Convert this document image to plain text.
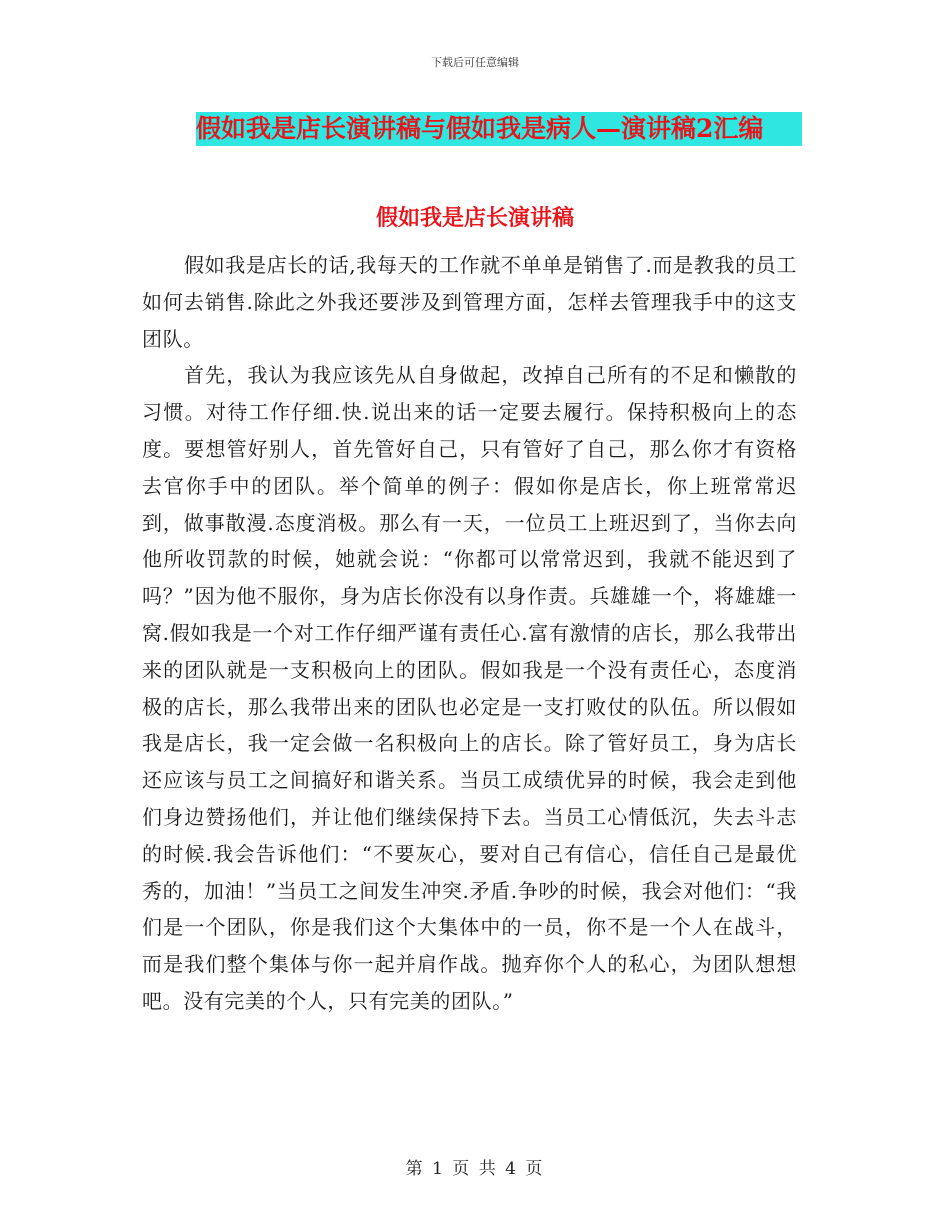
下载后可任意编辑
假如我是店长演讲稿与假如我是病人—演讲稿2汇编
假如我是店长演讲稿

假如我是店长的话,我每天的工作就不单单是销售了.而是教我的员工如何去销售.除此之外我还要涉及到管理方面，怎样去管理我手中的这支团队。

首先，我认为我应该先从自身做起，改掉自己所有的不足和懒散的习惯。对待工作仔细.快.说出来的话一定要去履行。保持积极向上的态度。要想管好别人，首先管好自己，只有管好了自己，那么你才有资格去官你手中的团队。举个简单的例子：假如你是店长，你上班常常迟到，做事散漫.态度消极。那么有一天，一位员工上班迟到了，当你去向他所收罚款的时候，她就会说：“你都可以常常迟到，我就不能迟到了吗？”因为他不服你，身为店长你没有以身作责。兵雄雄一个，将雄雄一窝.假如我是一个对工作仔细严谨有责任心.富有激情的店长，那么我带出来的团队就是一支积极向上的团队。假如我是一个没有责任心，态度消极的店长，那么我带出来的团队也必定是一支打败仗的队伍。所以假如我是店长，我一定会做一名积极向上的店长。除了管好员工，身为店长还应该与员工之间搞好和谐关系。当员工成绩优异的时候，我会走到他们身边赞扬他们，并让他们继续保持下去。当员工心情低沉，失去斗志的时候.我会告诉他们：“不要灰心，要对自己有信心，信任自己是最优秀的，加油！”当员工之间发生冲突.矛盾.争吵的时候，我会对他们：“我们是一个团队，你是我们这个大集体中的一员，你不是一个人在战斗，而是我们整个集体与你一起并肩作战。抛弃你个人的私心，为团队想想吧。没有完美的个人，只有完美的团队。”

第 1 页 共 4 页
